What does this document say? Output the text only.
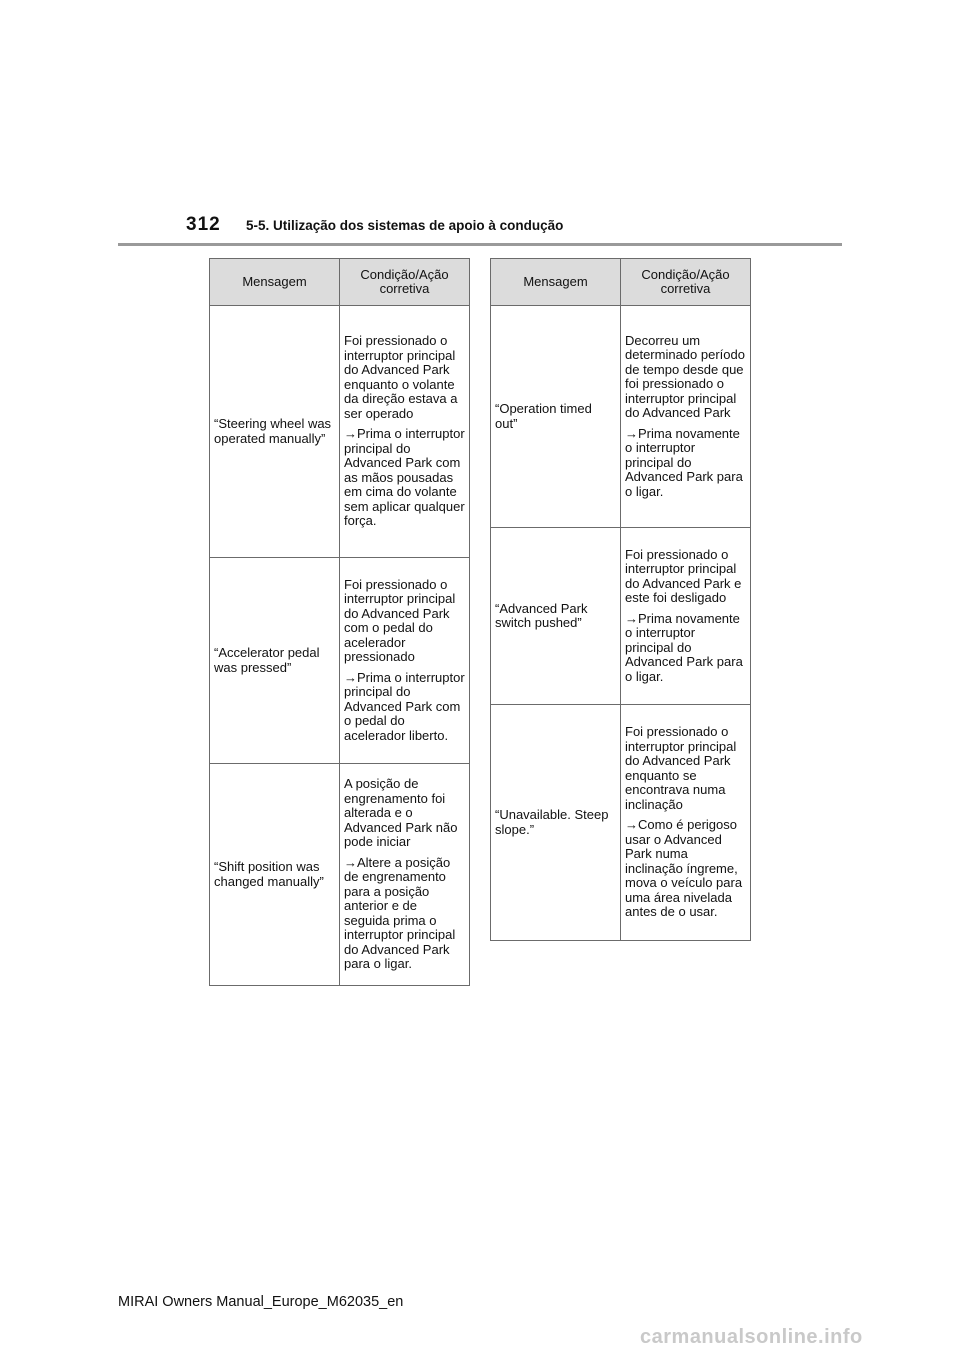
312 5-5. Utilização dos sistemas de apoio à condução
Mensagem	Condição/Ação corretiva
“Steering wheel was operated manually”	Foi pressionado o interruptor principal do Advanced Park enquanto o volante da direção estava a ser operado

→Prima o interruptor principal do Advanced Park com as mãos pousadas em cima do volante sem aplicar qualquer força.

“Accelerator pedal was pressed”	Foi pressionado o interruptor principal do Advanced Park com o pedal do acelerador pressionado

→Prima o interruptor principal do Advanced Park com o pedal do acelerador liberto.

“Shift position was changed manually”	A posição de engrenamento foi alterada e o Advanced Park não pode iniciar

→Altere a posição de engrenamento para a posição anterior e de seguida prima o interruptor principal do Advanced Park para o ligar.

Mensagem	Condição/Ação corretiva
“Operation timed out”	Decorreu um determinado período de tempo desde que foi pressionado o interruptor principal do Advanced Park

→Prima novamente o interruptor principal do Advanced Park para o ligar.

“Advanced Park switch pushed”	Foi pressionado o interruptor principal do Advanced Park e este foi desligado

→Prima novamente o interruptor principal do Advanced Park para o ligar.

“Unavailable. Steep slope.”	Foi pressionado o interruptor principal do Advanced Park enquanto se encontrava numa inclinação

→Como é perigoso usar o Advanced Park numa inclinação íngreme, mova o veículo para uma área nivelada antes de o usar.

MIRAI Owners Manual_Europe_M62035_en
carmanualsonline.info
